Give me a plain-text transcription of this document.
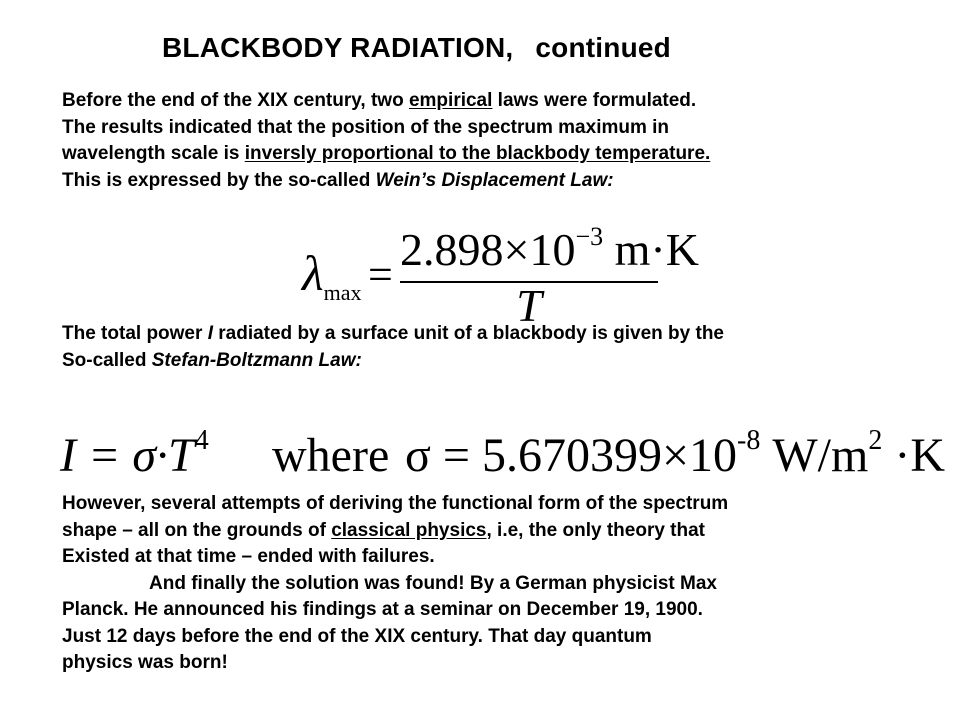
BLACKBODY RADIATION, continued
Before the end of the XIX century, two empirical laws were formulated.
The results indicated that the position of the spectrum maximum in
wavelength scale is inversly proportional to the blackbody temperature.
This is expressed by the so-called Wein’s Displacement Law:
$\lambda_{max} = 2.898\times 10^{-3}$ m·K
T
The total power I radiated by a surface unit of a blackbody is given by the
So-called Stefan-Boltzmann Law:
$I = \sigma\cdot T^4$ where $\sigma = 5.670399\times 10^{-8}$ $W/m^2 \cdot K$
However, several attempts of deriving the functional form of the spectrum
shape – all on the grounds of classical physics, i.e, the only theory that
Existed at that time – ended with failures.
And finally the solution was found! By a German physicist Max
Planck. He announced his findings at a seminar on December 19, 1900.
Just 12 days before the end of the XIX century. That day quantum
physics was born!
